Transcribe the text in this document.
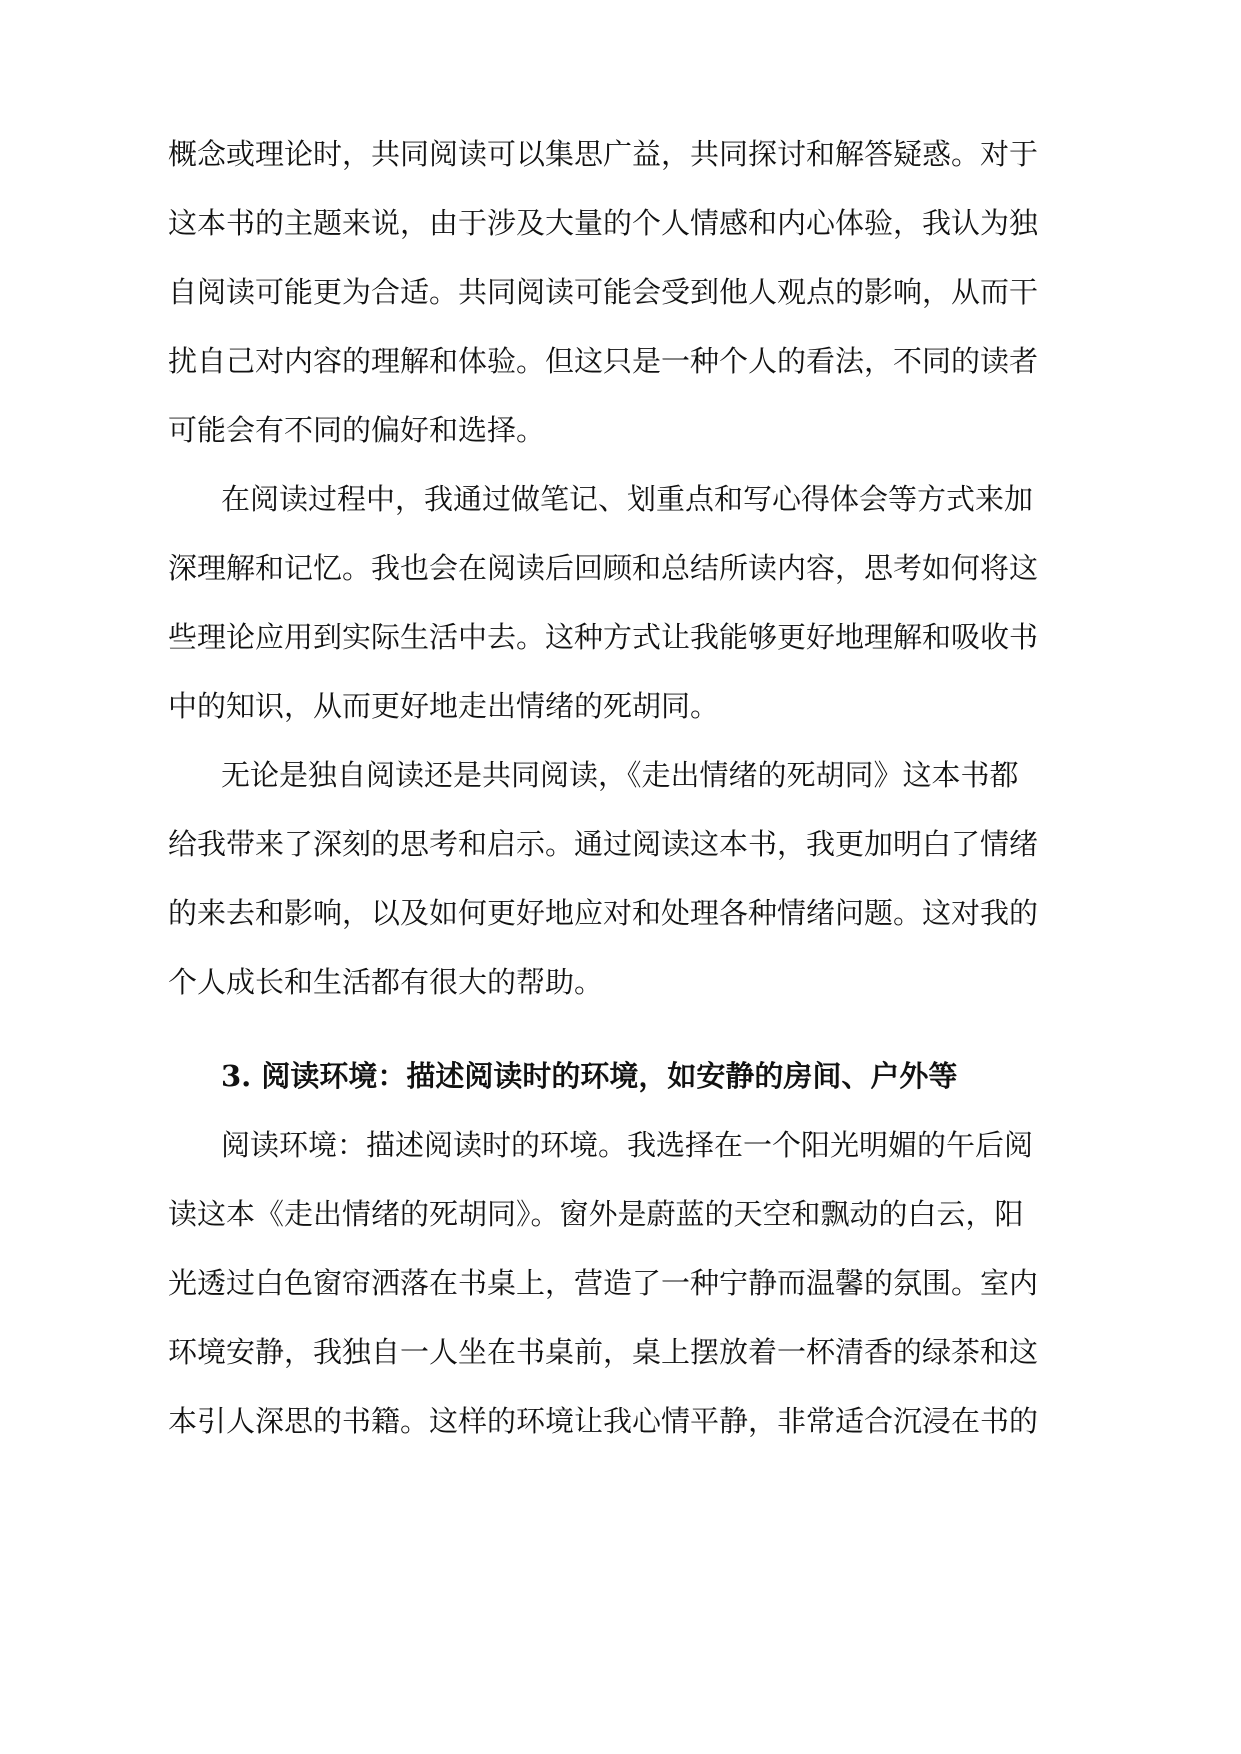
概念或理论时，共同阅读可以集思广益，共同探讨和解答疑惑。对于

这本书的主题来说，由于涉及大量的个人情感和内心体验，我认为独

自阅读可能更为合适。共同阅读可能会受到他人观点的影响，从而干

扰自己对内容的理解和体验。但这只是一种个人的看法，不同的读者

可能会有不同的偏好和选择。

在阅读过程中，我通过做笔记、划重点和写心得体会等方式来加

深理解和记忆。我也会在阅读后回顾和总结所读内容，思考如何将这

些理论应用到实际生活中去。这种方式让我能够更好地理解和吸收书

中的知识，从而更好地走出情绪的死胡同。

无论是独自阅读还是共同阅读，《走出情绪的死胡同》这本书都

给我带来了深刻的思考和启示。通过阅读这本书，我更加明白了情绪

的来去和影响，以及如何更好地应对和处理各种情绪问题。这对我的

个人成长和生活都有很大的帮助。

3. 阅读环境：描述阅读时的环境，如安静的房间、户外等

阅读环境：描述阅读时的环境。我选择在一个阳光明媚的午后阅

读这本《走出情绪的死胡同》。窗外是蔚蓝的天空和飘动的白云，阳

光透过白色窗帘洒落在书桌上，营造了一种宁静而温馨的氛围。室内

环境安静，我独自一人坐在书桌前，桌上摆放着一杯清香的绿茶和这

本引人深思的书籍。这样的环境让我心情平静，非常适合沉浸在书的
